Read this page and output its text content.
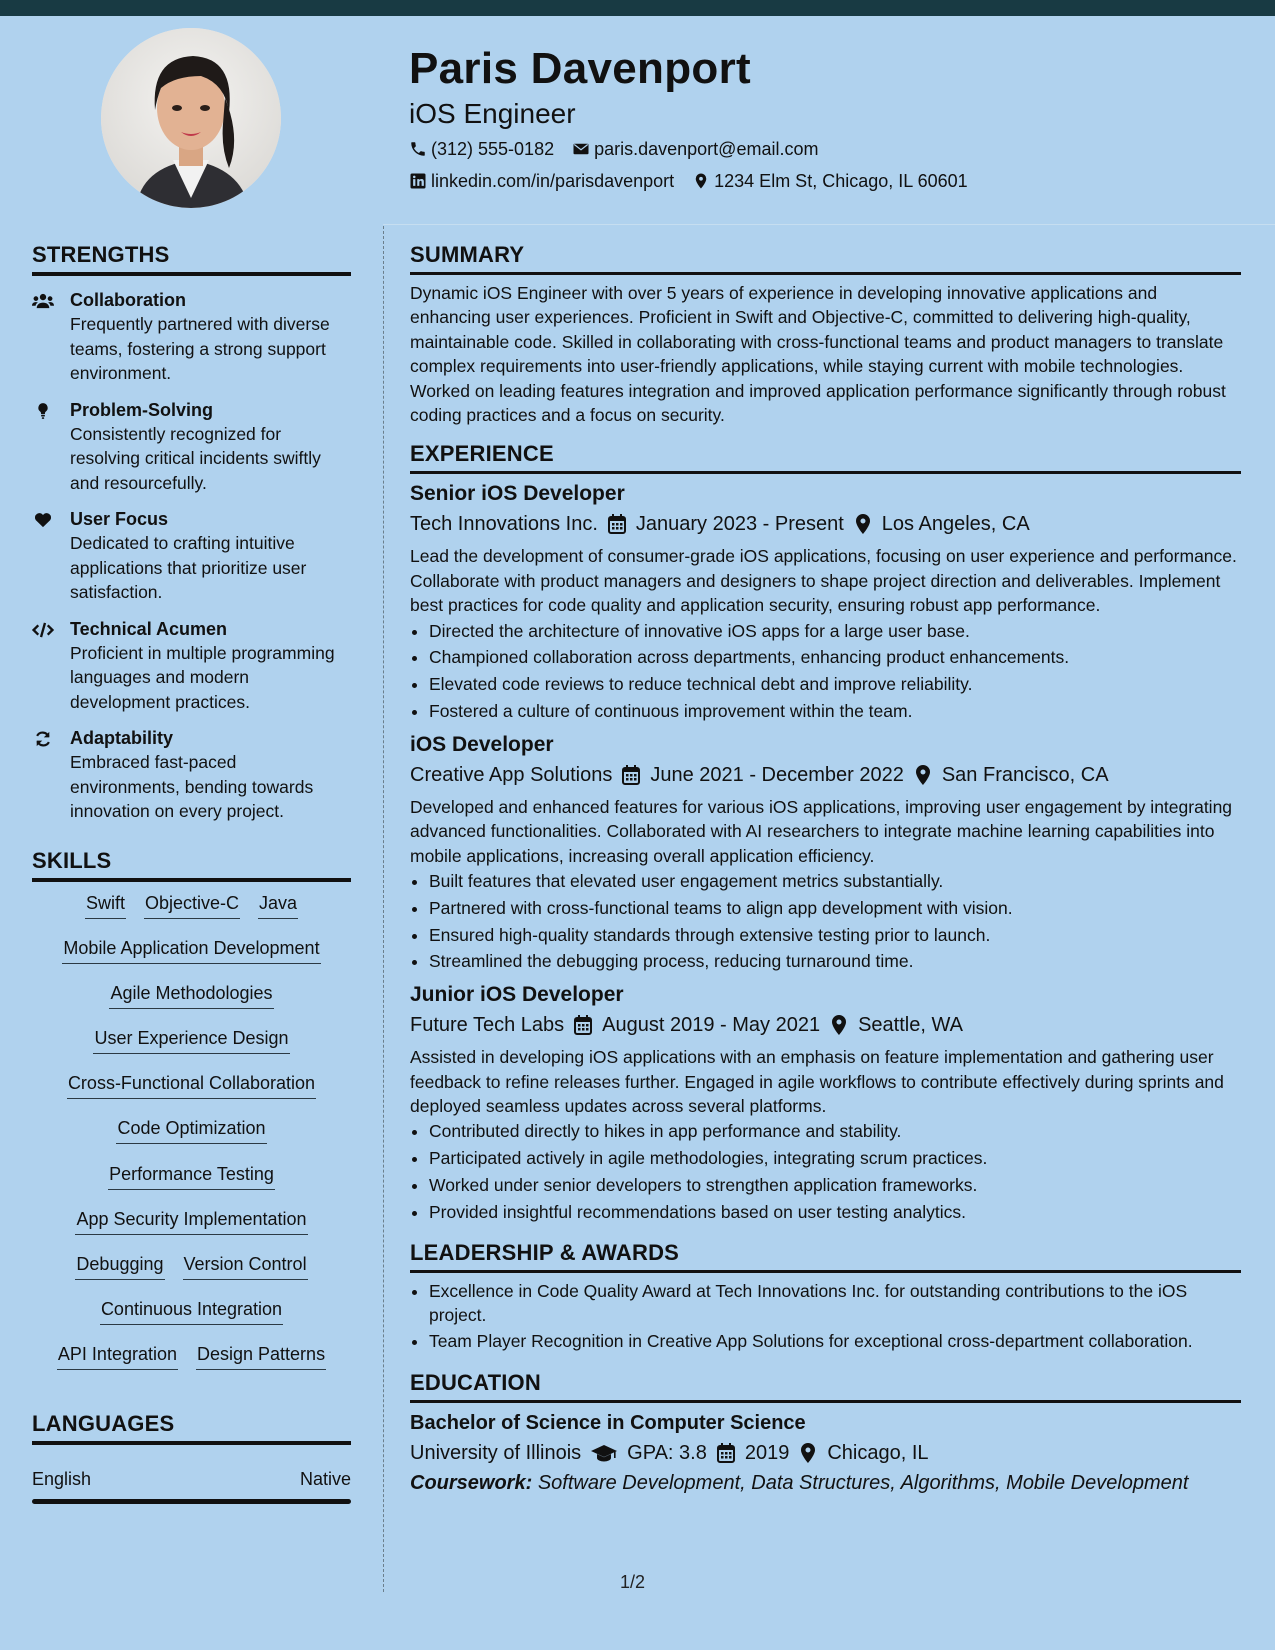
Paris Davenport
iOS Engineer
(312) 555-0182 paris.davenport@email.com
linkedin.com/in/parisdavenport 1234 Elm St, Chicago, IL 60601
STRENGTHS
Collaboration
Frequently partnered with diverse teams, fostering a strong support environment.
Problem-Solving
Consistently recognized for resolving critical incidents swiftly and resourcefully.
User Focus
Dedicated to crafting intuitive applications that prioritize user satisfaction.
Technical Acumen
Proficient in multiple programming languages and modern development practices.
Adaptability
Embraced fast-paced environments, bending towards innovation on every project.
SKILLS
Swift Objective-C Java
Mobile Application Development
Agile Methodologies
User Experience Design
Cross-Functional Collaboration
Code Optimization
Performance Testing
App Security Implementation
Debugging Version Control
Continuous Integration
API Integration Design Patterns
LANGUAGES
English	Native
SUMMARY

Dynamic iOS Engineer with over 5 years of experience in developing innovative applications and enhancing user experiences. Proficient in Swift and Objective-C, committed to delivering high-quality, maintainable code. Skilled in collaborating with cross-functional teams and product managers to translate complex requirements into user-friendly applications, while staying current with mobile technologies. Worked on leading features integration and improved application performance significantly through robust coding practices and a focus on security.

EXPERIENCE
Senior iOS Developer
Tech Innovations Inc. January 2023 - Present Los Angeles, CA

Lead the development of consumer-grade iOS applications, focusing on user experience and performance. Collaborate with product managers and designers to shape project direction and deliverables. Implement best practices for code quality and application security, ensuring robust app performance.

• Directed the architecture of innovative iOS apps for a large user base.
• Championed collaboration across departments, enhancing product enhancements.
• Elevated code reviews to reduce technical debt and improve reliability.
• Fostered a culture of continuous improvement within the team.
iOS Developer
Creative App Solutions June 2021 - December 2022 San Francisco, CA

Developed and enhanced features for various iOS applications, improving user engagement by integrating advanced functionalities. Collaborated with AI researchers to integrate machine learning capabilities into mobile applications, increasing overall application efficiency.

• Built features that elevated user engagement metrics substantially.
• Partnered with cross-functional teams to align app development with vision.
• Ensured high-quality standards through extensive testing prior to launch.
• Streamlined the debugging process, reducing turnaround time.
Junior iOS Developer
Future Tech Labs August 2019 - May 2021 Seattle, WA

Assisted in developing iOS applications with an emphasis on feature implementation and gathering user feedback to refine releases further. Engaged in agile workflows to contribute effectively during sprints and deployed seamless updates across several platforms.

• Contributed directly to hikes in app performance and stability.
• Participated actively in agile methodologies, integrating scrum practices.
• Worked under senior developers to strengthen application frameworks.
• Provided insightful recommendations based on user testing analytics.
LEADERSHIP & AWARDS
• Excellence in Code Quality Award at Tech Innovations Inc. for outstanding contributions to the iOS project.
• Team Player Recognition in Creative App Solutions for exceptional cross-department collaboration.
EDUCATION
Bachelor of Science in Computer Science
University of Illinois GPA: 3.8 2019 Chicago, IL
Coursework: Software Development, Data Structures, Algorithms, Mobile Development
1/2
